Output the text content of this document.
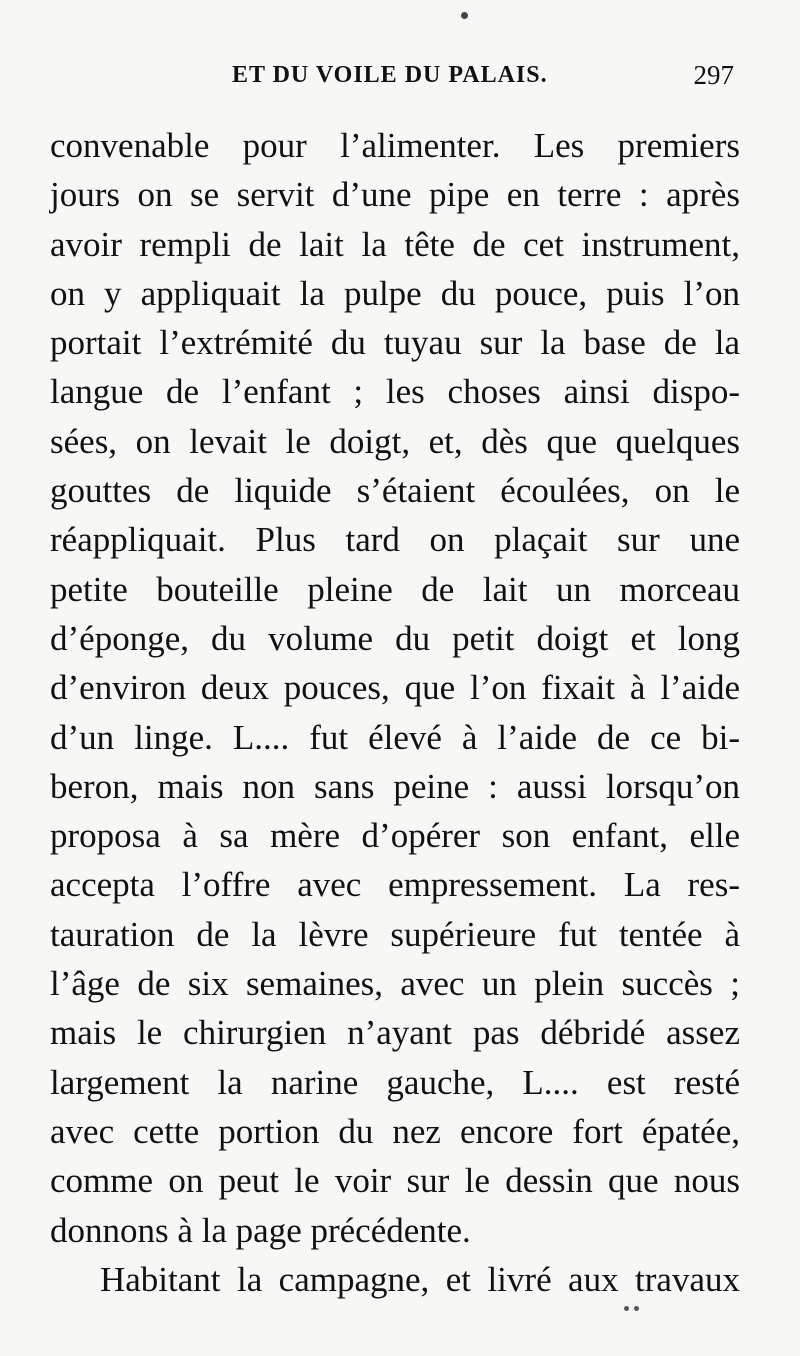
ET DU VOILE DU PALAIS.	297
convenable pour l’alimenter. Les premiers
jours on se servit d’une pipe en terre : après
avoir rempli de lait la tête de cet instrument,
on y appliquait la pulpe du pouce, puis l’on
portait l’extrémité du tuyau sur la base de la
langue de l’enfant ; les choses ainsi dispo-
sées, on levait le doigt, et, dès que quelques
gouttes de liquide s’étaient écoulées, on le
réappliquait. Plus tard on plaçait sur une
petite bouteille pleine de lait un morceau
d’éponge, du volume du petit doigt et long
d’environ deux pouces, que l’on fixait à l’aide
d’un linge. L.... fut élevé à l’aide de ce bi-
beron, mais non sans peine : aussi lorsqu’on
proposa à sa mère d’opérer son enfant, elle
accepta l’offre avec empressement. La res-
tauration de la lèvre supérieure fut tentée à
l’âge de six semaines, avec un plein succès ;
mais le chirurgien n’ayant pas débridé assez
largement la narine gauche, L.... est resté
avec cette portion du nez encore fort épatée,
comme on peut le voir sur le dessin que nous
donnons à la page précédente.
Habitant la campagne, et livré aux travaux
